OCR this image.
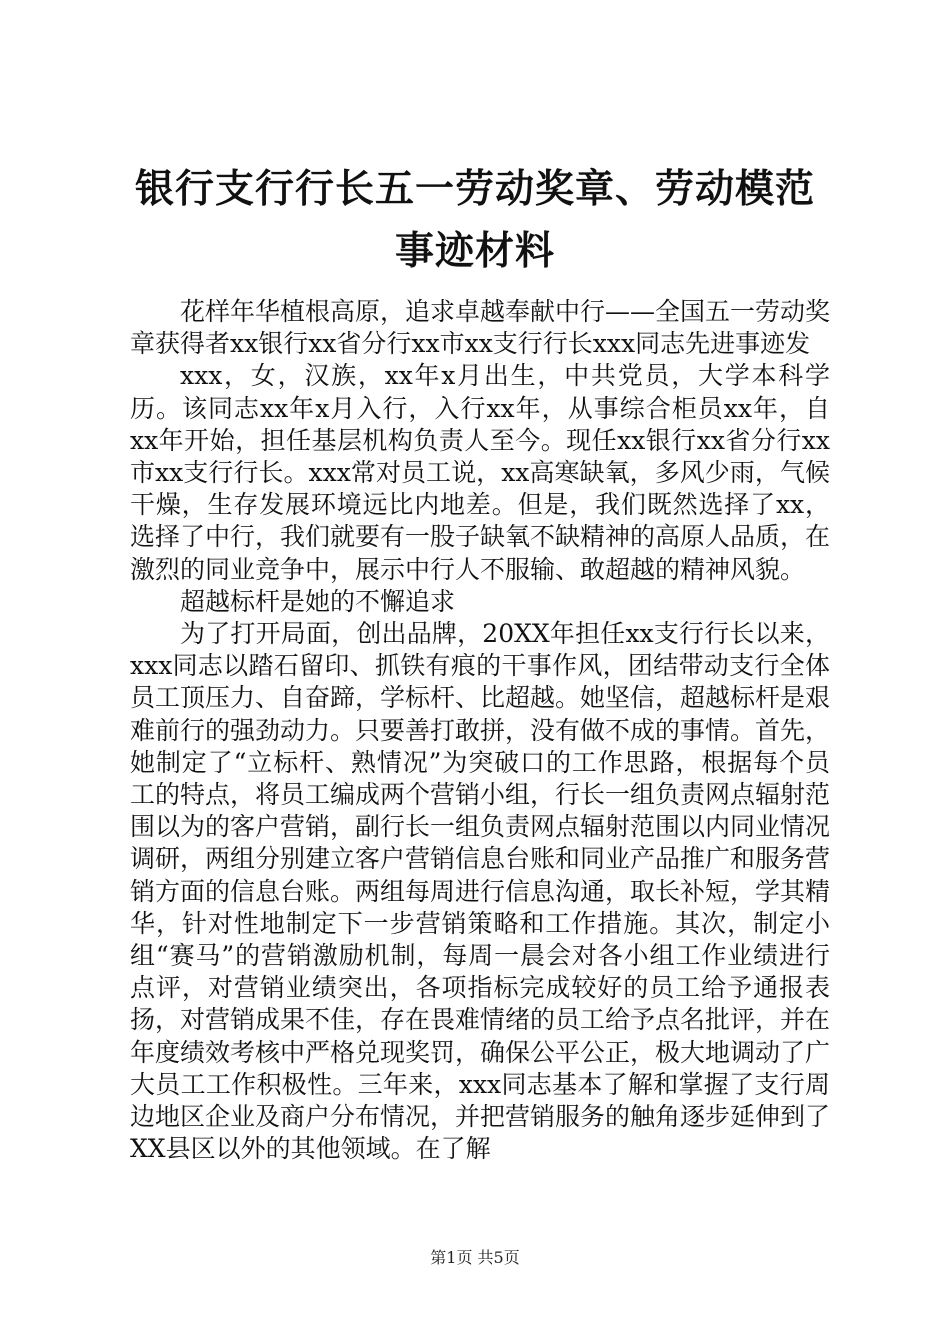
银行支行行长五一劳动奖章、劳动模范事迹材料

花样年华植根高原，追求卓越奉献中行——全国五一劳动奖章获得者xx银行xx省分行xx市xx支行行长xxx同志先进事迹发

xxx，女，汉族，xx年x月出生，中共党员，大学本科学历。该同志xx年x月入行，入行xx年，从事综合柜员xx年，自xx年开始，担任基层机构负责人至今。现任xx银行xx省分行xx市xx支行行长。xxx常对员工说，xx高寒缺氧，多风少雨，气候干燥，生存发展环境远比内地差。但是，我们既然选择了xx，选择了中行，我们就要有一股子缺氧不缺精神的高原人品质，在激烈的同业竞争中，展示中行人不服输、敢超越的精神风貌。

超越标杆是她的不懈追求

为了打开局面，创出品牌，20XX年担任xx支行行长以来，xxx同志以踏石留印、抓铁有痕的干事作风，团结带动支行全体员工顶压力、自奋蹄，学标杆、比超越。她坚信，超越标杆是艰难前行的强劲动力。只要善打敢拼，没有做不成的事情。首先，她制定了“立标杆、熟情况”为突破口的工作思路，根据每个员工的特点，将员工编成两个营销小组，行长一组负责网点辐射范围以为的客户营销，副行长一组负责网点辐射范围以内同业情况调研，两组分别建立客户营销信息台账和同业产品推广和服务营销方面的信息台账。两组每周进行信息沟通，取长补短，学其精华，针对性地制定下一步营销策略和工作措施。其次，制定小组“赛马”的营销激励机制，每周一晨会对各小组工作业绩进行点评，对营销业绩突出，各项指标完成较好的员工给予通报表扬，对营销成果不佳，存在畏难情绪的员工给予点名批评，并在年度绩效考核中严格兑现奖罚，确保公平公正，极大地调动了广大员工工作积极性。三年来，xxx同志基本了解和掌握了支行周边地区企业及商户分布情况，并把营销服务的触角逐步延伸到了XX县区以外的其他领域。在了解

第1页 共5页
